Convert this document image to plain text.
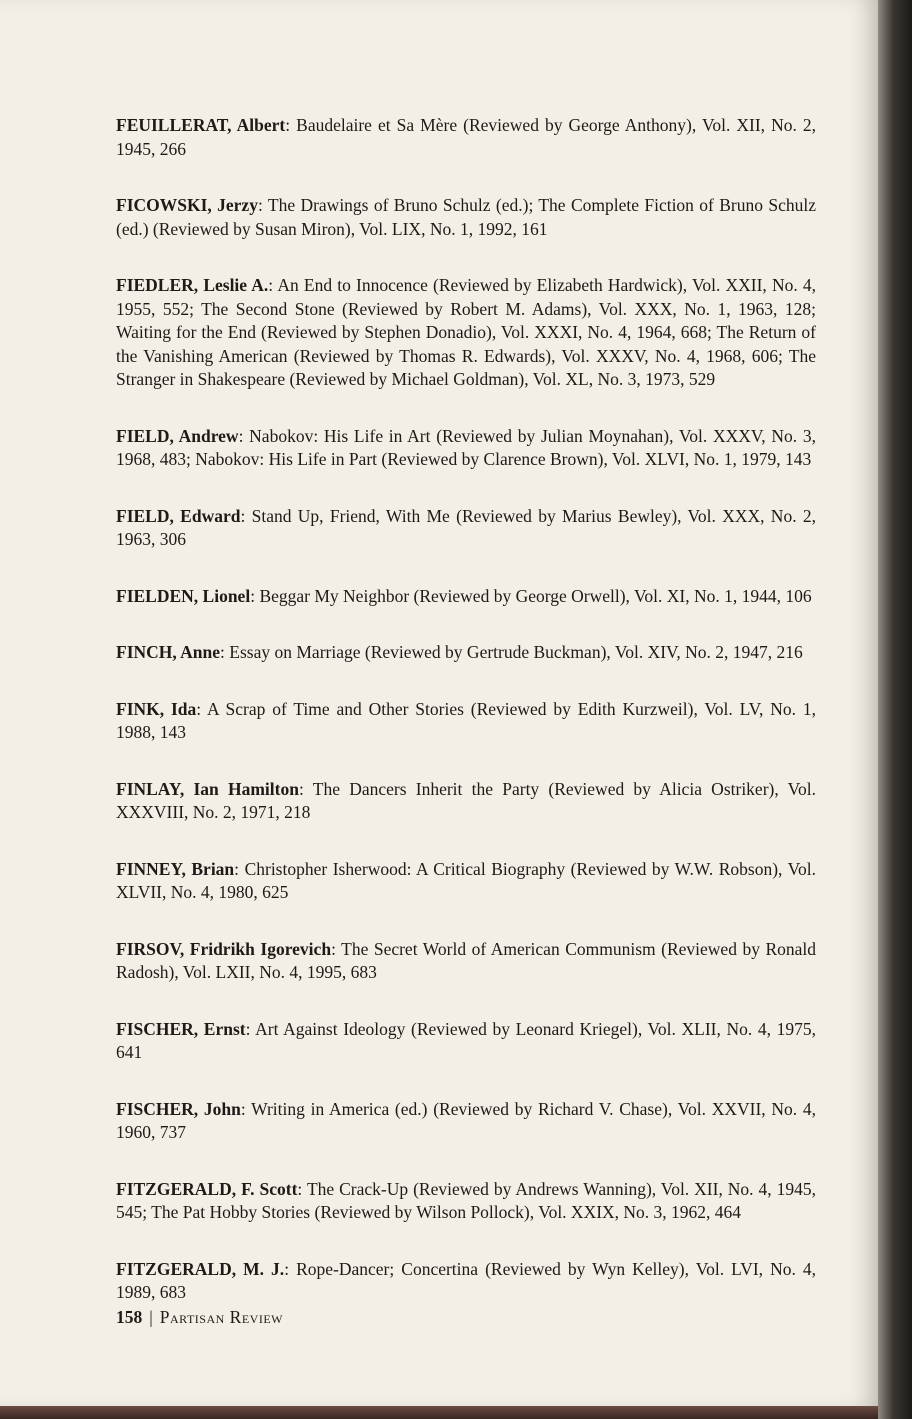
FEUILLERAT, Albert: Baudelaire et Sa Mère (Reviewed by George Anthony), Vol. XII, No. 2, 1945, 266

FICOWSKI, Jerzy: The Drawings of Bruno Schulz (ed.); The Complete Fiction of Bruno Schulz (ed.) (Reviewed by Susan Miron), Vol. LIX, No. 1, 1992, 161

FIEDLER, Leslie A.: An End to Innocence (Reviewed by Elizabeth Hardwick), Vol. XXII, No. 4, 1955, 552; The Second Stone (Reviewed by Robert M. Adams), Vol. XXX, No. 1, 1963, 128; Waiting for the End (Reviewed by Stephen Donadio), Vol. XXXI, No. 4, 1964, 668; The Return of the Vanishing American (Reviewed by Thomas R. Edwards), Vol. XXXV, No. 4, 1968, 606; The Stranger in Shakespeare (Reviewed by Michael Goldman), Vol. XL, No. 3, 1973, 529

FIELD, Andrew: Nabokov: His Life in Art (Reviewed by Julian Moynahan), Vol. XXXV, No. 3, 1968, 483; Nabokov: His Life in Part (Reviewed by Clarence Brown), Vol. XLVI, No. 1, 1979, 143

FIELD, Edward: Stand Up, Friend, With Me (Reviewed by Marius Bewley), Vol. XXX, No. 2, 1963, 306

FIELDEN, Lionel: Beggar My Neighbor (Reviewed by George Orwell), Vol. XI, No. 1, 1944, 106

FINCH, Anne: Essay on Marriage (Reviewed by Gertrude Buckman), Vol. XIV, No. 2, 1947, 216

FINK, Ida: A Scrap of Time and Other Stories (Reviewed by Edith Kurzweil), Vol. LV, No. 1, 1988, 143

FINLAY, Ian Hamilton: The Dancers Inherit the Party (Reviewed by Alicia Ostriker), Vol. XXXVIII, No. 2, 1971, 218

FINNEY, Brian: Christopher Isherwood: A Critical Biography (Reviewed by W.W. Robson), Vol. XLVII, No. 4, 1980, 625

FIRSOV, Fridrikh Igorevich: The Secret World of American Communism (Reviewed by Ronald Radosh), Vol. LXII, No. 4, 1995, 683

FISCHER, Ernst: Art Against Ideology (Reviewed by Leonard Kriegel), Vol. XLII, No. 4, 1975, 641

FISCHER, John: Writing in America (ed.) (Reviewed by Richard V. Chase), Vol. XXVII, No. 4, 1960, 737

FITZGERALD, F. Scott: The Crack-Up (Reviewed by Andrews Wanning), Vol. XII, No. 4, 1945, 545; The Pat Hobby Stories (Reviewed by Wilson Pollock), Vol. XXIX, No. 3, 1962, 464

FITZGERALD, M. J.: Rope-Dancer; Concertina (Reviewed by Wyn Kelley), Vol. LVI, No. 4, 1989, 683

158 | Partisan Review
